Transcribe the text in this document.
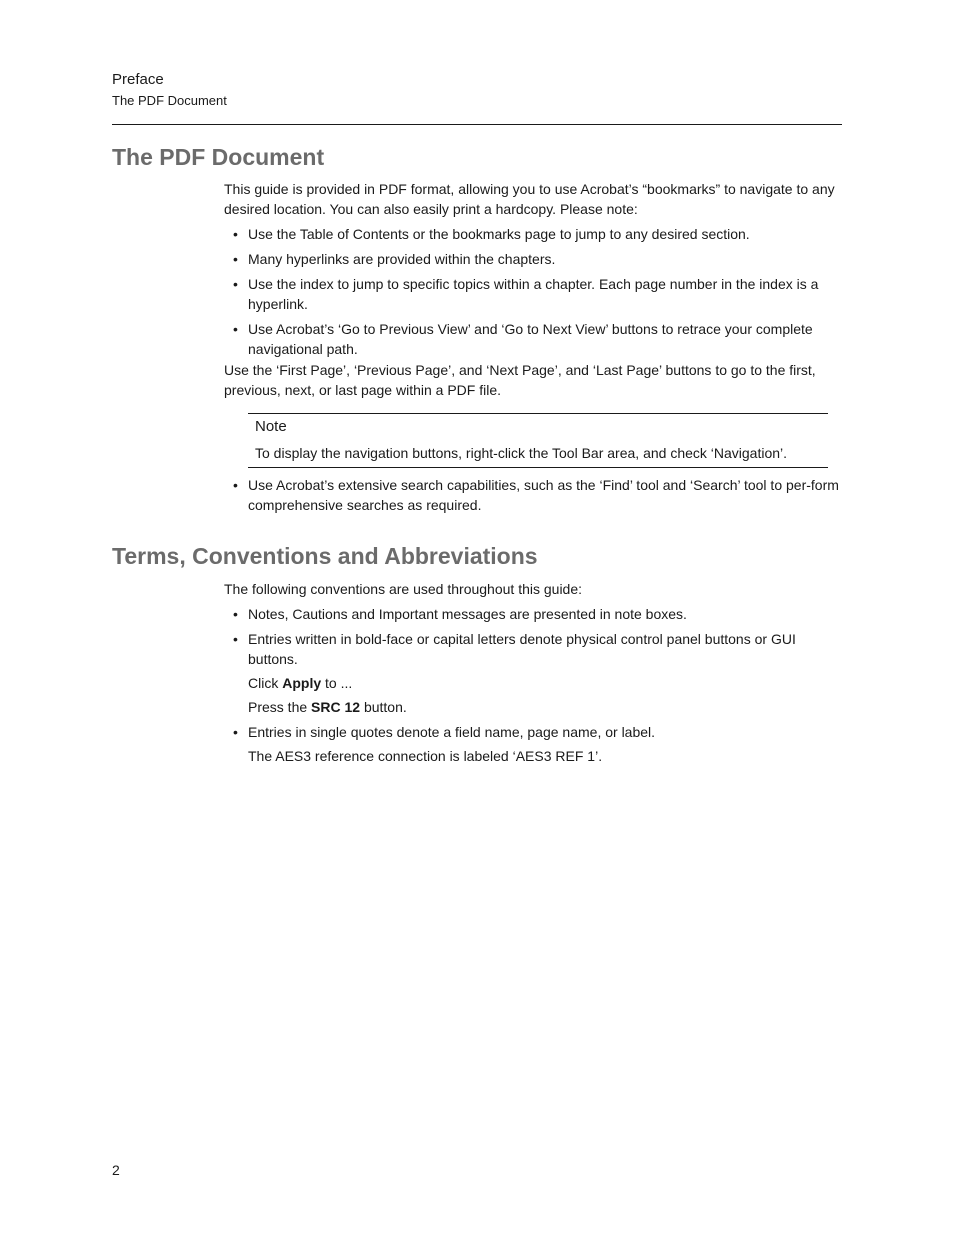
Preface
The PDF Document
The PDF Document

This guide is provided in PDF format, allowing you to use Acrobat’s “bookmarks” to navigate to any desired location. You can also easily print a hardcopy. Please note:

• Use the Table of Contents or the bookmarks page to jump to any desired section.
• Many hyperlinks are provided within the chapters.
• Use the index to jump to specific topics within a chapter. Each page number in the index is a hyperlink.
• Use Acrobat’s ‘Go to Previous View’ and ‘Go to Next View’ buttons to retrace your complete navigational path.

Use the ‘First Page’, ‘Previous Page’, and ‘Next Page’, and ‘Last Page’ buttons to go to the first, previous, next, or last page within a PDF file.

Note
To display the navigation buttons, right-click the Tool Bar area, and check ‘Navigation’.
• Use Acrobat’s extensive search capabilities, such as the ‘Find’ tool and ‘Search’ tool to per-form comprehensive searches as required.
Terms, Conventions and Abbreviations

The following conventions are used throughout this guide:

• Notes, Cautions and Important messages are presented in note boxes.
• Entries written in bold-face or capital letters denote physical control panel buttons or GUI buttons.
Click Apply to ...
Press the SRC 12 button.
• Entries in single quotes denote a field name, page name, or label.
The AES3 reference connection is labeled ‘AES3 REF 1’.
2
